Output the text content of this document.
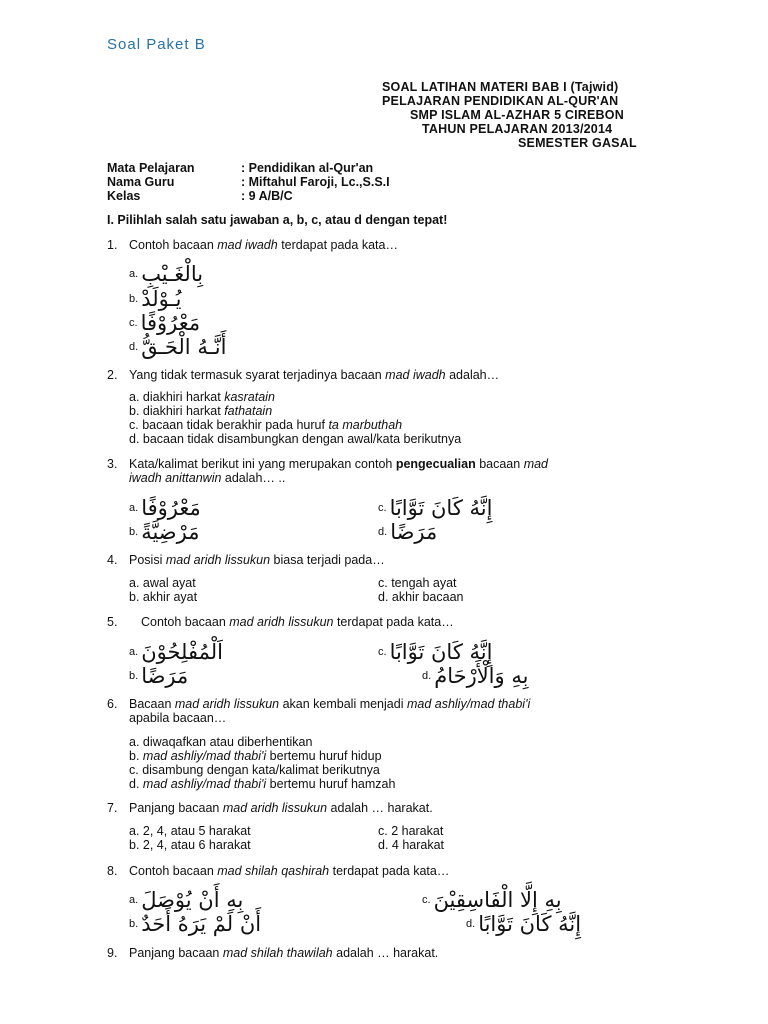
Soal Paket B
SOAL LATIHAN MATERI BAB I (Tajwid)
PELAJARAN PENDIDIKAN AL-QUR'AN
SMP ISLAM AL-AZHAR 5 CIREBON
TAHUN PELAJARAN 2013/2014
SEMESTER GASAL
Mata Pelajaran	: Pendidikan al-Qur'an
Nama Guru	: Miftahul Faroji, Lc.,S.S.I
Kelas	: 9 A/B/C
I. Pilihlah salah satu jawaban a, b, c, atau d dengan tepat!
1. Contoh bacaan mad iwadh terdapat pada kata…
a. بِالْغَـيْبِ
b. يُـوْلَدْ
c. مَعْرُوْفًا
d. أَنَّـهُ الْحَـقُّ
2. Yang tidak termasuk syarat terjadinya bacaan mad iwadh adalah…
a. diakhiri harkat kasratain
b. diakhiri harkat fathatain
c. bacaan tidak berakhir pada huruf ta marbuthah
d. bacaan tidak disambungkan dengan awal/kata berikutnya
3. Kata/kalimat berikut ini yang merupakan contoh pengecualian bacaan mad
iwadh anittanwin adalah… ..
a. مَعْرُوْفًا
b. مَرْضِيَّةً
c. إِنَّهُ كَانَ تَوَّابًا
d. مَرَضًا
4. Posisi mad aridh lissukun biasa terjadi pada…
a. awal ayat
b. akhir ayat
c. tengah ayat
d. akhir bacaan
5. Contoh bacaan mad aridh lissukun terdapat pada kata…
a. اَلْمُفْلِحُوْنَ
b. مَرَضًا
c. إِنَّهُ كَانَ تَوَّابًا
d. بِهِ وَالْأَرْحَامُ
6. Bacaan mad aridh lissukun akan kembali menjadi mad ashliy/mad thabi'i
apabila bacaan…
a. diwaqafkan atau diberhentikan
b. mad ashliy/mad thabi'i bertemu huruf hidup
c. disambung dengan kata/kalimat berikutnya
d. mad ashliy/mad thabi'i bertemu huruf hamzah
7. Panjang bacaan mad aridh lissukun adalah … harakat.
a. 2, 4, atau 5 harakat
b. 2, 4, atau 6 harakat
c. 2 harakat
d. 4 harakat
8. Contoh bacaan mad shilah qashirah terdapat pada kata…
a. بِهِ أَنْ يُوْصَلَ
b. أَنْ لَمْ يَرَهُ أَحَدٌ
c. بِهِ إِلَّا الْفَاسِقِيْنَ
d. إِنَّهُ كَانَ تَوَّابًا
9. Panjang bacaan mad shilah thawilah adalah … harakat.
